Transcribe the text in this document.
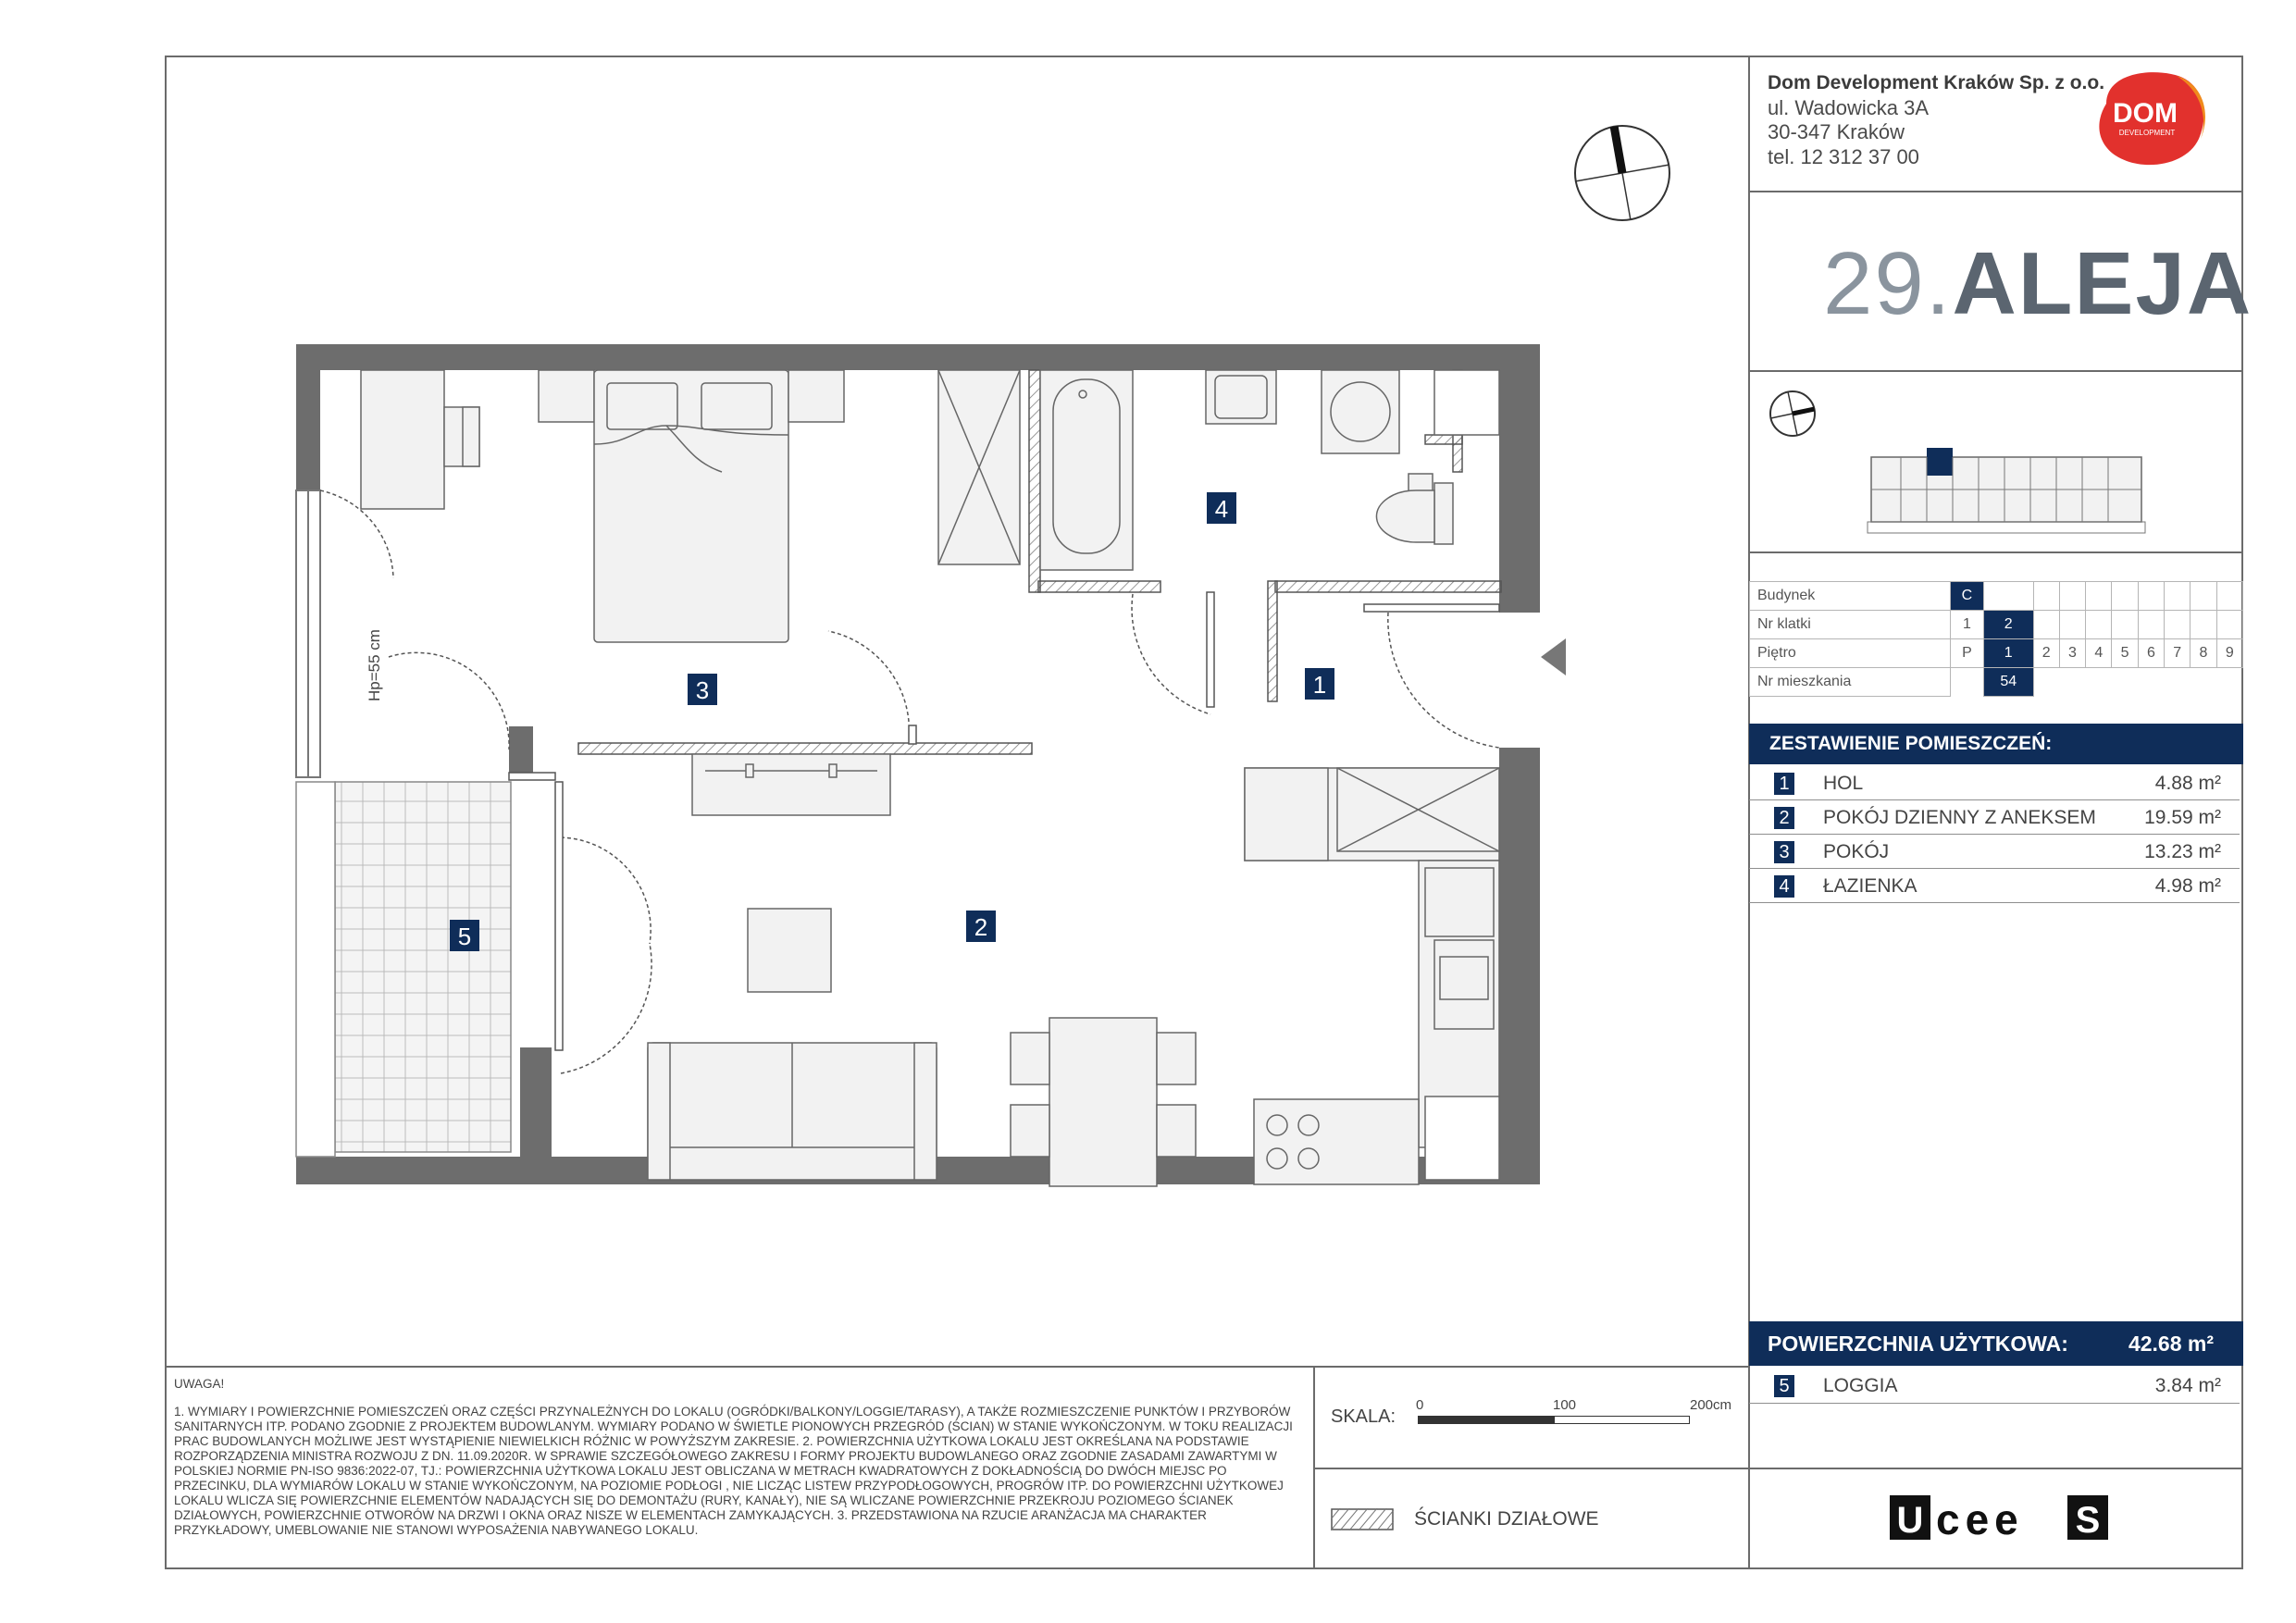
Dom Development Kraków Sp. z o.o.
ul. Wadowicka 3A
30-347 Kraków
tel. 12 312 37 00
DOM
DEVELOPMENT
29.ALEJA
Budynek	C									
Nr klatki	1	2								
Piętro	P	1	2	3	4	5	6	7	8	9
Nr mieszkania		54								
ZESTAWIENIE POMIESZCZEŃ:
1 HOL	4.88 m²
2 POKÓJ DZIENNY Z ANEKSEM 19.59 m²
3 POKÓJ	13.23 m²
4 ŁAZIENKA	4.98 m²
POWIERZCHNIA UŻYTKOWA:	42.68 m²
5 LOGGIA	3.84 m²
U cee S
SKALA:
0	100	200cm
ŚCIANKI DZIAŁOWE
UWAGA!
1. WYMIARY I POWIERZCHNIE POMIESZCZEŃ ORAZ CZĘŚCI PRZYNALEŻNYCH DO LOKALU (OGRÓDKI/BALKONY/LOGGIE/TARASY), A TAKŻE ROZMIESZCZENIE PUNKTÓW I PRZYBORÓW SANITARNYCH ITP. PODANO ZGODNIE Z PROJEKTEM BUDOWLANYM. WYMIARY PODANO W ŚWIETLE PIONOWYCH PRZEGRÓD (ŚCIAN) W STANIE WYKOŃCZONYM. W TOKU REALIZACJI PRAC BUDOWLANYCH MOŻLIWE JEST WYSTĄPIENIE NIEWIELKICH RÓŻNIC W POWYŻSZYM ZAKRESIE. 2. POWIERZCHNIA UŻYTKOWA LOKALU JEST OKREŚLANA NA PODSTAWIE ROZPORZĄDZENIA MINISTRA ROZWOJU Z DN. 11.09.2020R. W SPRAWIE SZCZEGÓŁOWEGO ZAKRESU I FORMY PROJEKTU BUDOWLANEGO ORAZ ZGODNIE ZASADAMI ZAWARTYMI W POLSKIEJ NORMIE PN-ISO 9836:2022-07, TJ.: POWIERZCHNIA UŻYTKOWA LOKALU JEST OBLICZANA W METRACH KWADRATOWYCH Z DOKŁADNOŚCIĄ DO DWÓCH MIEJSC PO PRZECINKU, DLA WYMIARÓW LOKALU W STANIE WYKOŃCZONYM, NA POZIOMIE PODŁOGI , NIE LICZĄC LISTEW PRZYPODŁOGOWYCH, PROGRÓW ITP. DO POWIERZCHNI UŻYTKOWEJ LOKALU WLICZA SIĘ POWIERZCHNIE ELEMENTÓW NADAJĄCYCH SIĘ DO DEMONTAŻU (RURY, KANAŁY), NIE SĄ WLICZANE POWIERZCHNIE PRZEKROJU POZIOMEGO ŚCIANEK DZIAŁOWYCH, POWIERZCHNIE OTWORÓW NA DRZWI I OKNA ORAZ NISZE W ELEMENTACH ZAMYKAJĄCYCH. 3. PRZEDSTAWIONA NA RZUCIE ARANŻACJA MA CHARAKTER PRZYKŁADOWY, UMEBLOWANIE NIE STANOWI WYPOSAŻENIA NABYWANEGO LOKALU.
1
2
3
4
5
Hp=55 cm
